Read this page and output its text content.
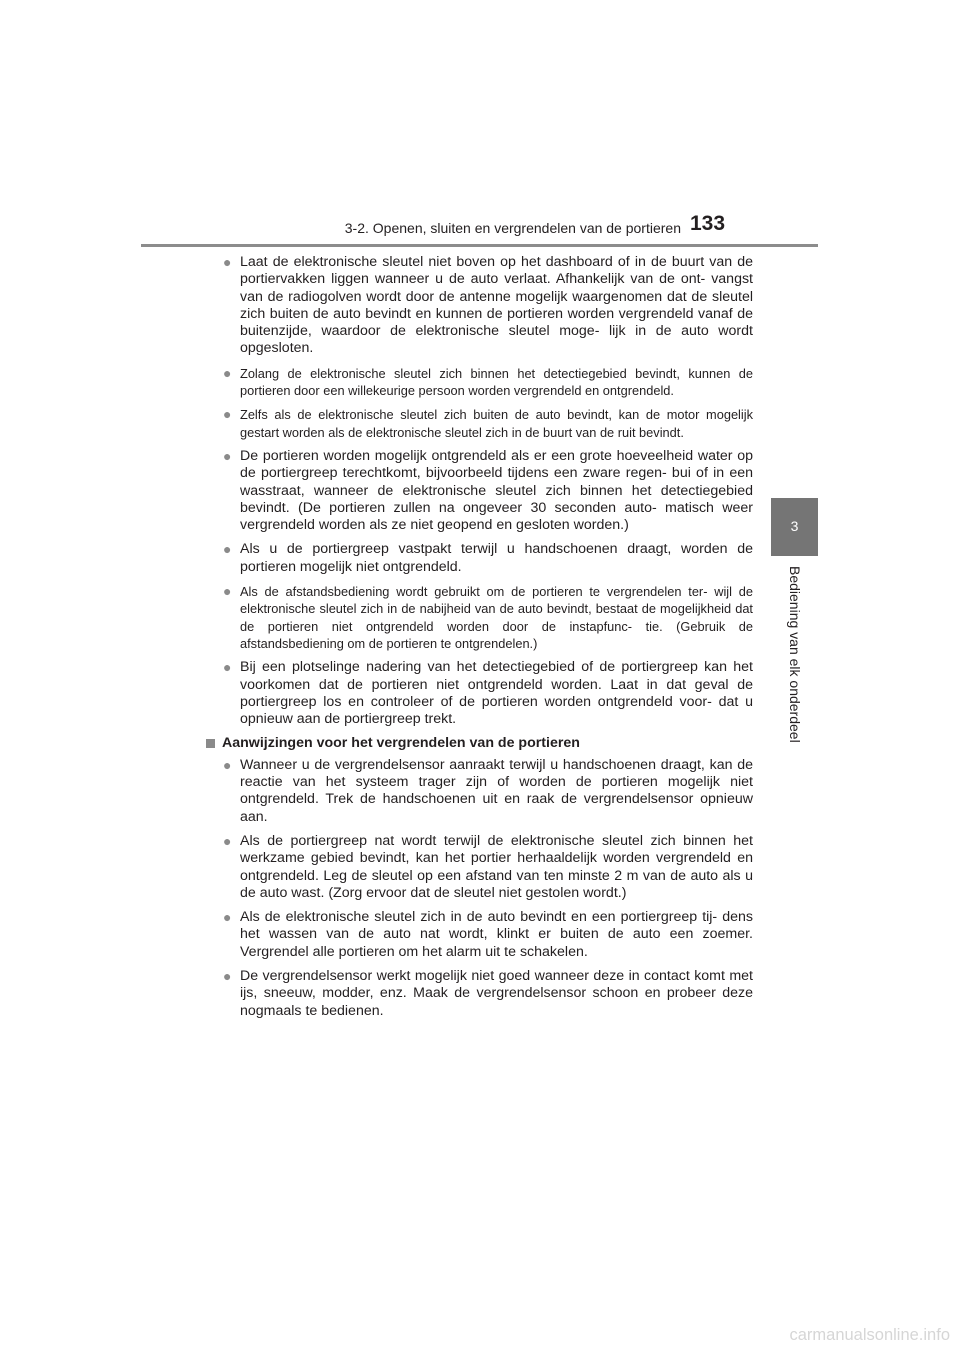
3-2. Openen, sluiten en vergrendelen van de portieren 133
3
Bediening van elk onderdeel
● Laat de elektronische sleutel niet boven op het dashboard of in de buurt van de portiervakken liggen wanneer u de auto verlaat. Afhankelijk van de ont- vangst van de radiogolven wordt door de antenne mogelijk waargenomen dat de sleutel zich buiten de auto bevindt en kunnen de portieren worden vergrendeld vanaf de buitenzijde, waardoor de elektronische sleutel moge- lijk in de auto wordt opgesloten.
● Zolang de elektronische sleutel zich binnen het detectiegebied bevindt, kunnen de portieren door een willekeurige persoon worden vergrendeld en ontgrendeld.
● Zelfs als de elektronische sleutel zich buiten de auto bevindt, kan de motor mogelijk gestart worden als de elektronische sleutel zich in de buurt van de ruit bevindt.
● De portieren worden mogelijk ontgrendeld als er een grote hoeveelheid water op de portiergreep terechtkomt, bijvoorbeeld tijdens een zware regen- bui of in een wasstraat, wanneer de elektronische sleutel zich binnen het detectiegebied bevindt. (De portieren zullen na ongeveer 30 seconden auto- matisch weer vergrendeld worden als ze niet geopend en gesloten worden.)
● Als u de portiergreep vastpakt terwijl u handschoenen draagt, worden de portieren mogelijk niet ontgrendeld.
● Als de afstandsbediening wordt gebruikt om de portieren te vergrendelen ter- wijl de elektronische sleutel zich in de nabijheid van de auto bevindt, bestaat de mogelijkheid dat de portieren niet ontgrendeld worden door de instapfunc- tie. (Gebruik de afstandsbediening om de portieren te ontgrendelen.)
● Bij een plotselinge nadering van het detectiegebied of de portiergreep kan het voorkomen dat de portieren niet ontgrendeld worden. Laat in dat geval de portiergreep los en controleer of de portieren worden ontgrendeld voor- dat u opnieuw aan de portiergreep trekt.
Aanwijzingen voor het vergrendelen van de portieren
● Wanneer u de vergrendelsensor aanraakt terwijl u handschoenen draagt, kan de reactie van het systeem trager zijn of worden de portieren mogelijk niet ontgrendeld. Trek de handschoenen uit en raak de vergrendelsensor opnieuw aan.
● Als de portiergreep nat wordt terwijl de elektronische sleutel zich binnen het werkzame gebied bevindt, kan het portier herhaaldelijk worden vergrendeld en ontgrendeld. Leg de sleutel op een afstand van ten minste 2 m van de auto als u de auto wast. (Zorg ervoor dat de sleutel niet gestolen wordt.)
● Als de elektronische sleutel zich in de auto bevindt en een portiergreep tij- dens het wassen van de auto nat wordt, klinkt er buiten de auto een zoemer. Vergrendel alle portieren om het alarm uit te schakelen.
● De vergrendelsensor werkt mogelijk niet goed wanneer deze in contact komt met ijs, sneeuw, modder, enz. Maak de vergrendelsensor schoon en probeer deze nogmaals te bedienen.
carmanualsonline.info
